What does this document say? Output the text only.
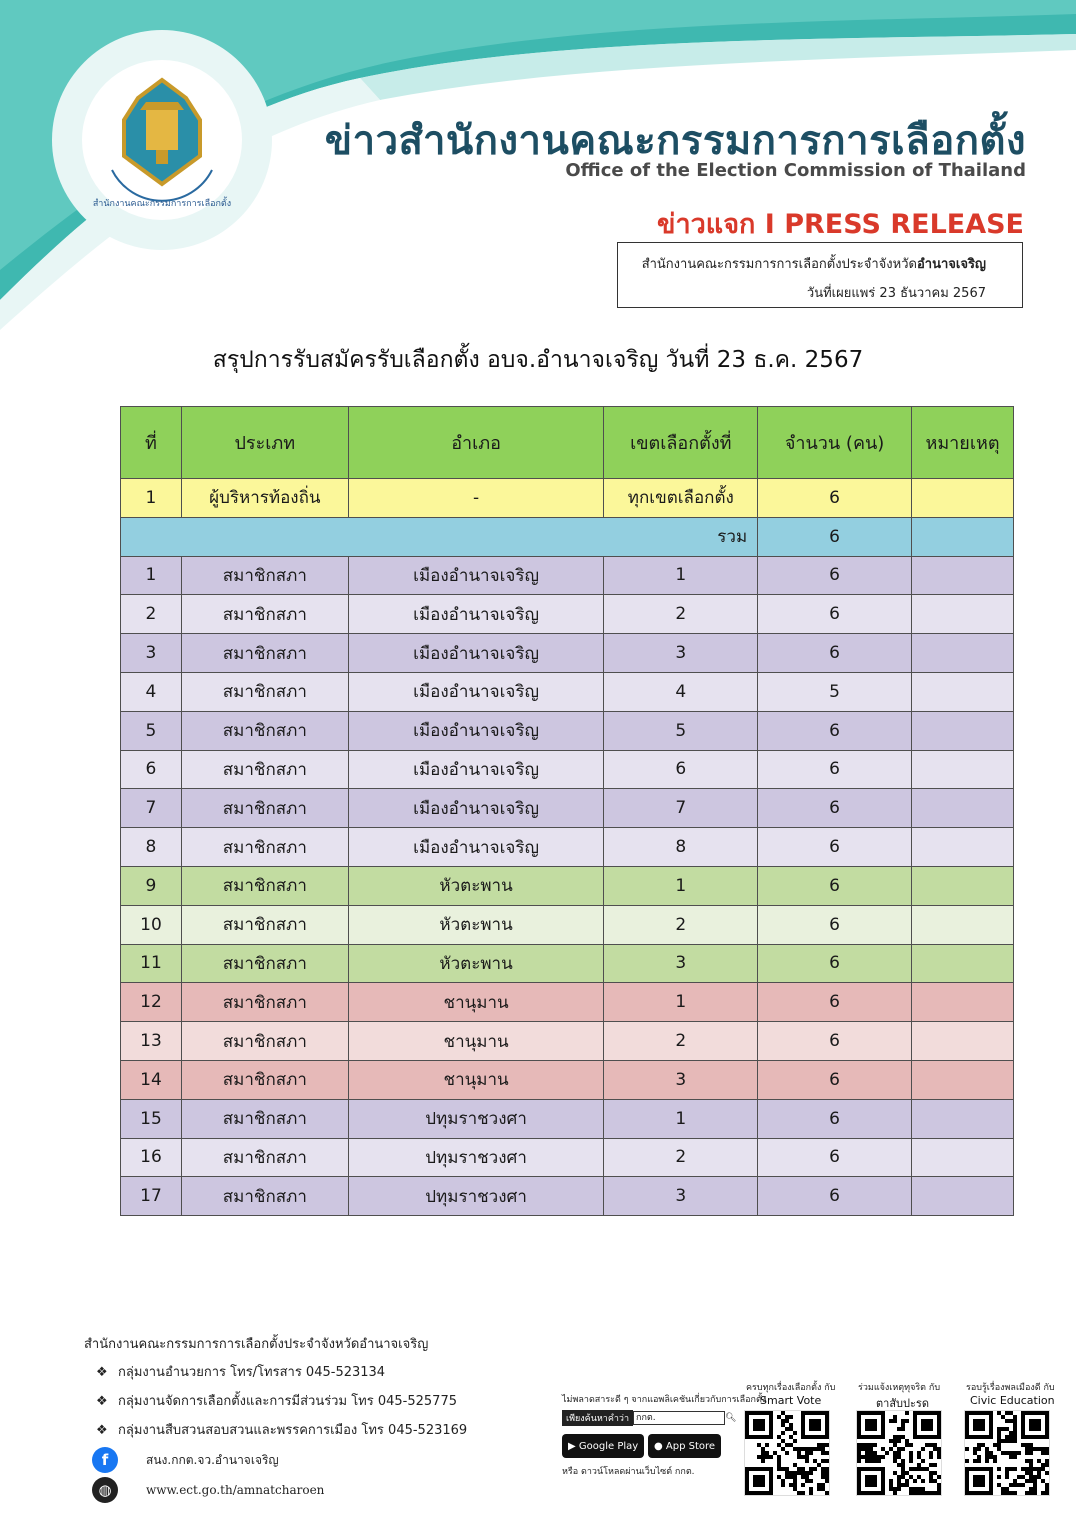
สำนักงานคณะกรรมการการเลือกตั้ง
ข่าวสำนักงานคณะกรรมการการเลือกตั้ง
Office of the Election Commission of Thailand
ข่าวแจก I PRESS RELEASE
สำนักงานคณะกรรมการการเลือกตั้งประจำจังหวัดอำนาจเจริญ
วันที่เผยแพร่ 23 ธันวาคม 2567
สรุปการรับสมัครรับเลือกตั้ง อบจ.อำนาจเจริญ วันที่ 23 ธ.ค. 2567
ที่	ประเภท	อำเภอ	เขตเลือกตั้งที่	จำนวน (คน)	หมายเหตุ
1	ผู้บริหารท้องถิ่น	-	ทุกเขตเลือกตั้ง	6	
รวม				6	
1	สมาชิกสภา	เมืองอำนาจเจริญ	1	6	
2	สมาชิกสภา	เมืองอำนาจเจริญ	2	6	
3	สมาชิกสภา	เมืองอำนาจเจริญ	3	6	
4	สมาชิกสภา	เมืองอำนาจเจริญ	4	5	
5	สมาชิกสภา	เมืองอำนาจเจริญ	5	6	
6	สมาชิกสภา	เมืองอำนาจเจริญ	6	6	
7	สมาชิกสภา	เมืองอำนาจเจริญ	7	6	
8	สมาชิกสภา	เมืองอำนาจเจริญ	8	6	
9	สมาชิกสภา	หัวตะพาน	1	6	
10	สมาชิกสภา	หัวตะพาน	2	6	
11	สมาชิกสภา	หัวตะพาน	3	6	
12	สมาชิกสภา	ชานุมาน	1	6	
13	สมาชิกสภา	ชานุมาน	2	6	
14	สมาชิกสภา	ชานุมาน	3	6	
15	สมาชิกสภา	ปทุมราชวงศา	1	6	
16	สมาชิกสภา	ปทุมราชวงศา	2	6	
17	สมาชิกสภา	ปทุมราชวงศา	3	6	
สำนักงานคณะกรรมการการเลือกตั้งประจำจังหวัดอำนาจเจริญ
❖ กลุ่มงานอำนวยการ โทร/โทรสาร 045-523134
❖ กลุ่มงานจัดการเลือกตั้งและการมีส่วนร่วม โทร 045-525775
❖ กลุ่มงานสืบสวนสอบสวนและพรรคการเมือง โทร 045-523169
f	สนง.กกต.จว.อำนาจเจริญ
◍	www.ect.go.th/amnatcharoen
ไม่พลาดสาระดี ๆ จากแอพลิเคชันเกี่ยวกับการเลือกตั้ง
เพียงค้นหาคำว่า กกต.	🔍︎
▶ Google Play ● App Store
หรือ ดาวน์โหลดผ่านเว็บไซต์ กกต.
ครบทุกเรื่องเลือกตั้ง กับ
Smart Vote
ร่วมแจ้งเหตุทุจริต กับ
ตาสับปะรด
รอบรู้เรื่องพลเมืองดี กับ
Civic Education
